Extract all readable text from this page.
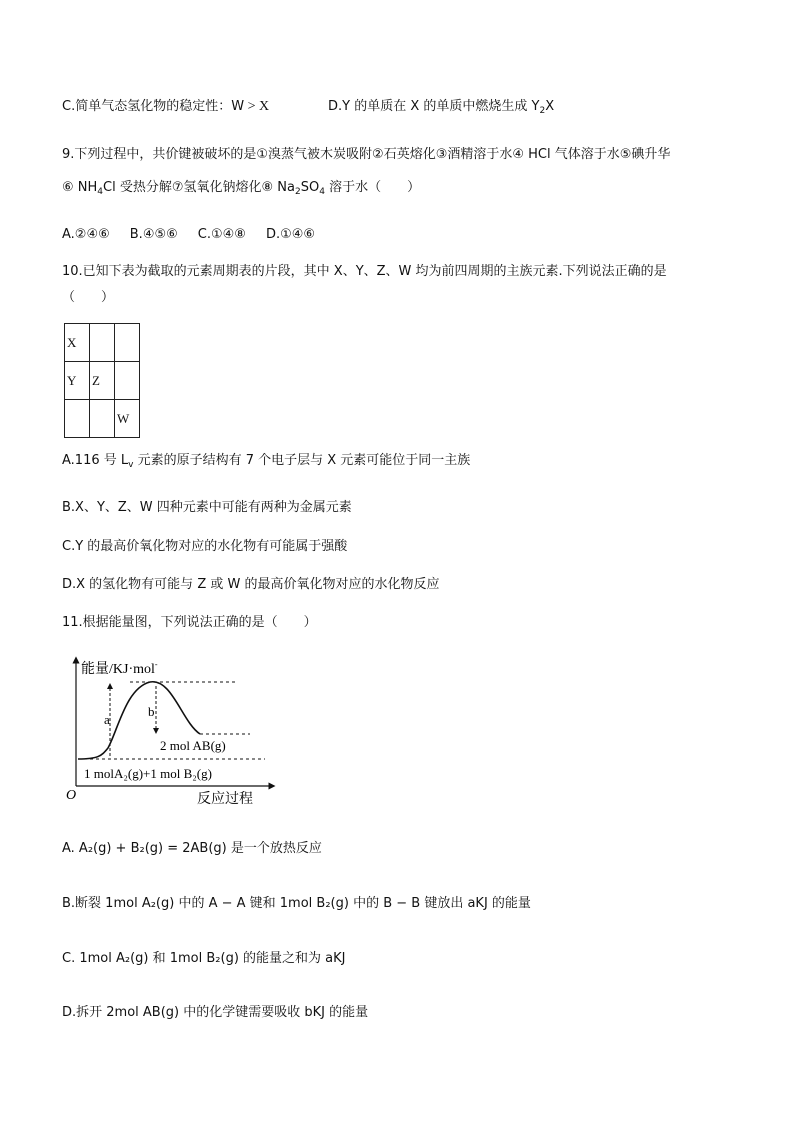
C.简单气态氢化物的稳定性：W > X	D.Y 的单质在 X 的单质中燃烧生成 $Y_2X$
9.下列过程中，共价键被破坏的是①溴蒸气被木炭吸附②石英熔化③酒精溶于水④ HCl 气体溶于水⑤碘升华
⑥ $NH_4Cl$ 受热分解⑦氢氧化钠熔化⑧ $Na_2SO_4$ 溶于水（　　）
A.②④⑥ B.④⑤⑥ C.①④⑧ D.①④⑥
10.已知下表为截取的元素周期表的片段，其中 X、Y、Z、W 均为前四周期的主族元素.下列说法正确的是
（　　）
X		
Y	Z	
		W
A.116 号 $L_v$ 元素的原子结构有 7 个电子层与 X 元素可能位于同一主族
B.X、Y、Z、W 四种元素中可能有两种为金属元素
C.Y 的最高价氧化物对应的水化物有可能属于强酸
D.X 的氢化物有可能与 Z 或 W 的最高价氧化物对应的水化物反应
11.根据能量图，下列说法正确的是（　　）
能量/KJ·mol-
O	反应过程
a
b
2 mol AB(g)
1 molA₂(g)+1 mol B₂(g)
A. A₂(g) + B₂(g) = 2AB(g) 是一个放热反应
B.断裂 1mol A₂(g) 中的 A − A 键和 1mol B₂(g) 中的 B − B 键放出 aKJ 的能量
C. 1mol A₂(g) 和 1mol B₂(g) 的能量之和为 aKJ
D.拆开 2mol AB(g) 中的化学键需要吸收 bKJ 的能量
